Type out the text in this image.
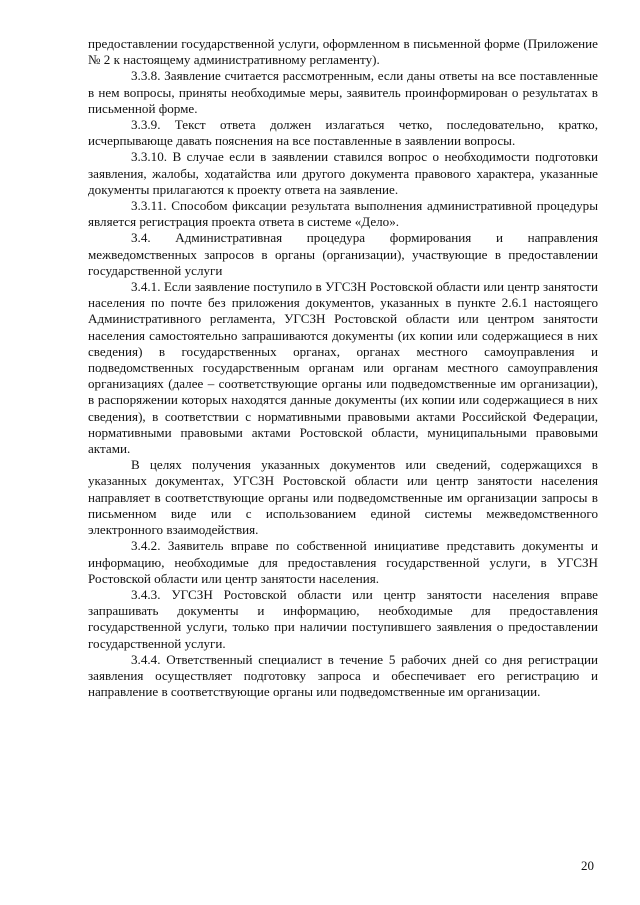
предоставлении государственной услуги, оформленном в письменной форме (Приложение № 2 к настоящему административному регламенту).

3.3.8. Заявление считается рассмотренным, если даны ответы на все поставленные в нем вопросы, приняты необходимые меры, заявитель проинформирован о результатах в письменной форме.

3.3.9. Текст ответа должен излагаться четко, последовательно, кратко, исчерпывающе давать пояснения на все поставленные в заявлении вопросы.

3.3.10. В случае если в заявлении ставился вопрос о необходимости подготовки заявления, жалобы, ходатайства или другого документа правового характера, указанные документы прилагаются к проекту ответа на заявление.

3.3.11. Способом фиксации результата выполнения административной процедуры является регистрация проекта ответа в системе «Дело».

3.4. Административная процедура формирования и направления межведомственных запросов в органы (организации), участвующие в предоставлении государственной услуги

3.4.1. Если заявление поступило в УГСЗН Ростовской области или центр занятости населения по почте без приложения документов, указанных в пункте 2.6.1 настоящего Административного регламента, УГСЗН Ростовской области или центром занятости населения самостоятельно запрашиваются документы (их копии или содержащиеся в них сведения) в государственных органах, органах местного самоуправления и подведомственных государственным органам или органам местного самоуправления организациях (далее – соответствующие органы или подведомственные им организации), в распоряжении которых находятся данные документы (их копии или содержащиеся в них сведения), в соответствии с нормативными правовыми актами Российской Федерации, нормативными правовыми актами Ростовской области, муниципальными правовыми актами.

В целях получения указанных документов или сведений, содержащихся в указанных документах, УГСЗН Ростовской области или центр занятости населения направляет в соответствующие органы или подведомственные им организации запросы в письменном виде или с использованием единой системы межведомственного электронного взаимодействия.

3.4.2. Заявитель вправе по собственной инициативе представить документы и информацию, необходимые для предоставления государственной услуги, в УГСЗН Ростовской области или центр занятости населения.

3.4.3. УГСЗН Ростовской области или центр занятости населения вправе запрашивать документы и информацию, необходимые для предоставления государственной услуги, только при наличии поступившего заявления о предоставлении государственной услуги.

3.4.4. Ответственный специалист в течение 5 рабочих дней со дня регистрации заявления осуществляет подготовку запроса и обеспечивает его регистрацию и направление в соответствующие органы или подведомственные им организации.

20
